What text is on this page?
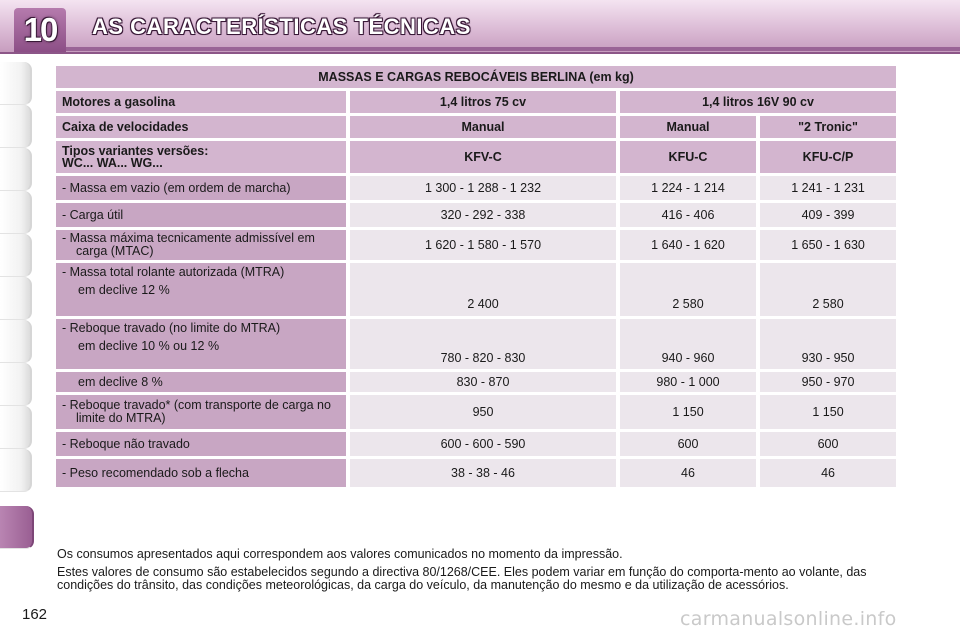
10	AS CARACTERÍSTICAS TÉCNICAS
MASSAS E CARGAS REBOCÁVEIS BERLINA (em kg)			
Motores a gasolina	1,4 litros 75 cv	1,4 litros 16V 90 cv	
Caixa de velocidades	Manual	Manual	"2 Tronic"
Tipos variantes versões:
WC... WA... WG...	KFV-C	KFU-C	KFU-C/P

- Massa em vazio (em ordem de marcha)	1 300 - 1 288 - 1 232	1 224 - 1 214	1 241 - 1 231

- Carga útil	320 - 292 - 338	416 - 406	409 - 399

- Massa máxima tecnicamente admissível em carga (MTAC)	1 620 - 1 580 - 1 570	1 640 - 1 620	1 650 - 1 630

- Massa total rolante autorizada (MTRA)
em declive 12 %	2 400	2 580	2 580

- Reboque travado (no limite do MTRA)
em declive 10 % ou 12 %	780 - 820 - 830	940 - 960	930 - 950

em declive 8 %	830 - 870	980 - 1 000	950 - 970

- Reboque travado* (com transporte de carga no limite do MTRA)	950	1 150	1 150

- Reboque não travado	600 - 600 - 590	600	600

- Peso recomendado sob a flecha	38 - 38 - 46	46	46

Os consumos apresentados aqui correspondem aos valores comunicados no momento da impressão.

Estes valores de consumo são estabelecidos segundo a directiva 80/1268/CEE. Eles podem variar em função do comporta-mento ao volante, das condições do trânsito, das condições meteorológicas, da carga do veículo, da manutenção do mesmo e da utilização de acessórios.

162	carmanualsonline.info
